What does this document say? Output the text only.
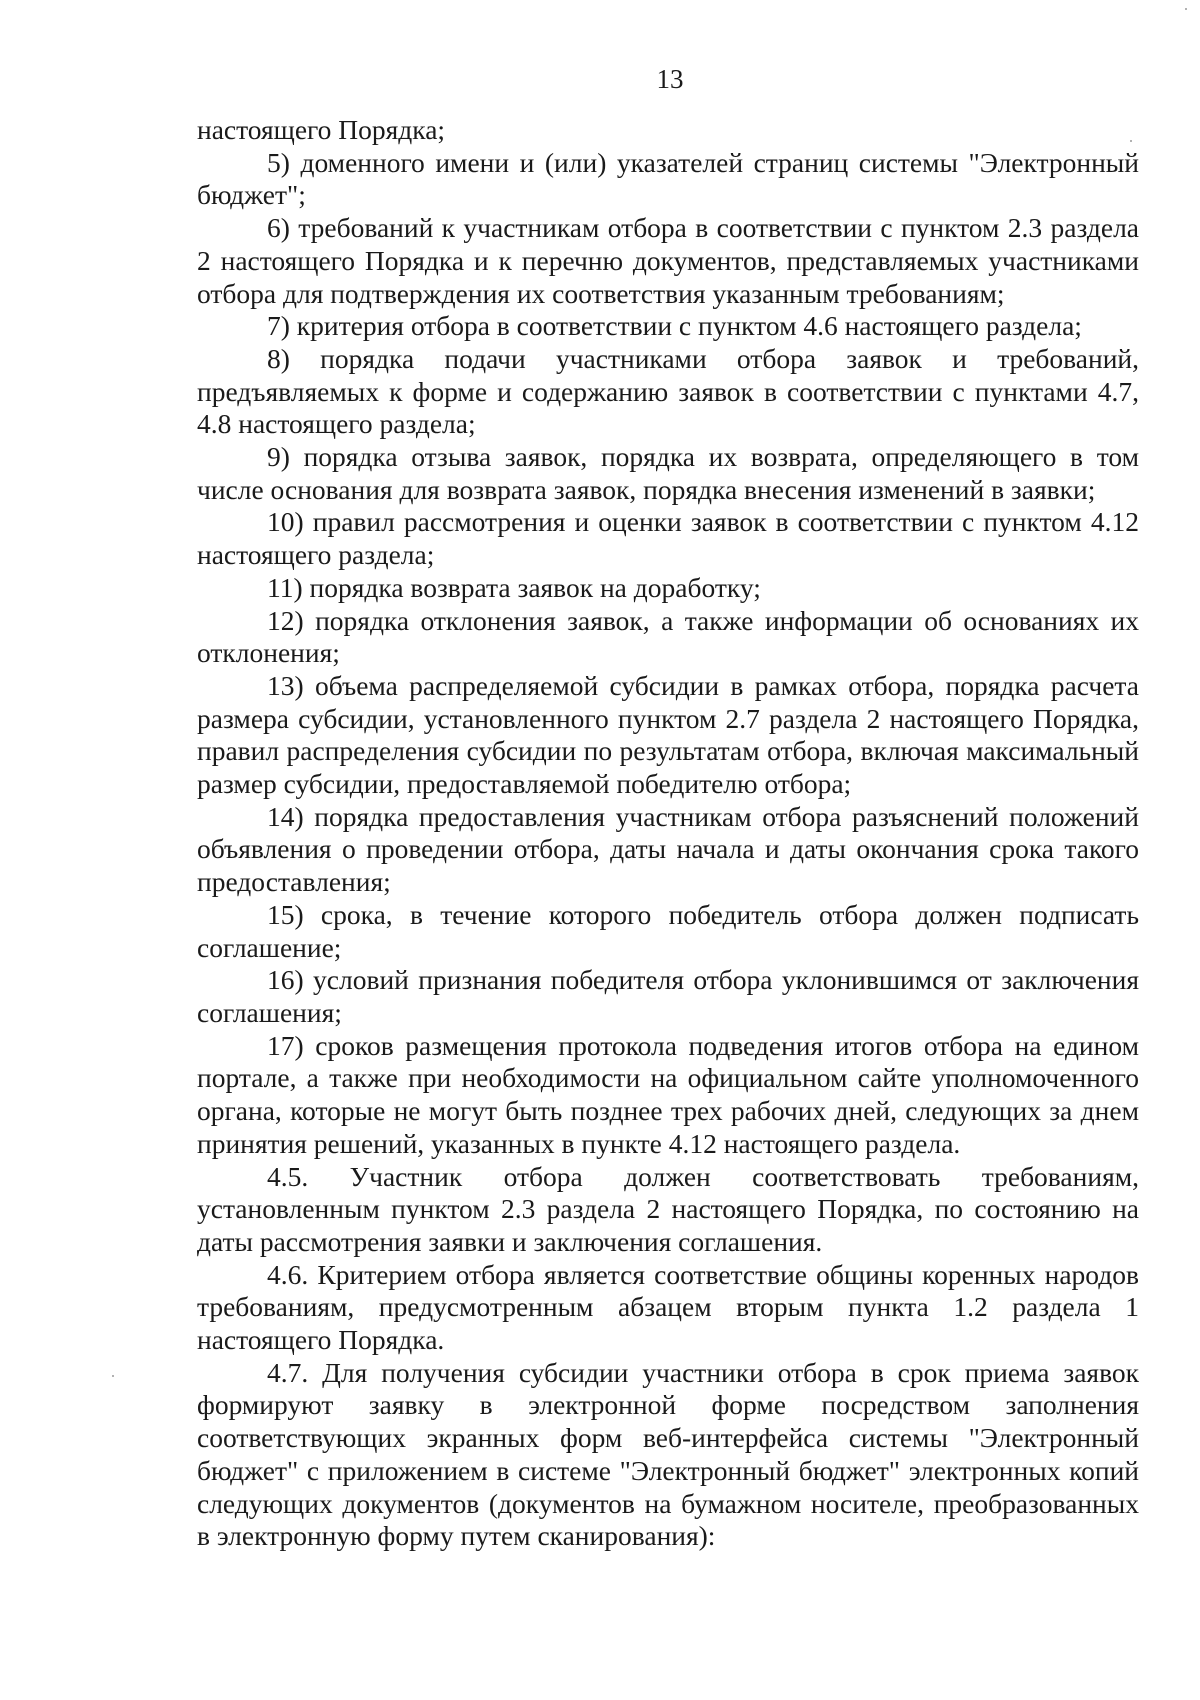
13

настоящего Порядка;

5) доменного имени и (или) указателей страниц системы "Электронный бюджет";

6) требований к участникам отбора в соответствии с пунктом 2.3 раздела 2 настоящего Порядка и к перечню документов, представляемых участниками отбора для подтверждения их соответствия указанным требованиям;

7) критерия отбора в соответствии с пунктом 4.6 настоящего раздела;

8) порядка подачи участниками отбора заявок и требований, предъявляемых к форме и содержанию заявок в соответствии с пунктами 4.7, 4.8 настоящего раздела;

9) порядка отзыва заявок, порядка их возврата, определяющего в том числе основания для возврата заявок, порядка внесения изменений в заявки;

10) правил рассмотрения и оценки заявок в соответствии с пунктом 4.12 настоящего раздела;

11) порядка возврата заявок на доработку;

12) порядка отклонения заявок, а также информации об основаниях их отклонения;

13) объема распределяемой субсидии в рамках отбора, порядка расчета размера субсидии, установленного пунктом 2.7 раздела 2 настоящего Порядка, правил распределения субсидии по результатам отбора, включая максимальный размер субсидии, предоставляемой победителю отбора;

14) порядка предоставления участникам отбора разъяснений положений объявления о проведении отбора, даты начала и даты окончания срока такого предоставления;

15) срока, в течение которого победитель отбора должен подписать соглашение;

16) условий признания победителя отбора уклонившимся от заключения соглашения;

17) сроков размещения протокола подведения итогов отбора на едином портале, а также при необходимости на официальном сайте уполномоченного органа, которые не могут быть позднее трех рабочих дней, следующих за днем принятия решений, указанных в пункте 4.12 настоящего раздела.

4.5. Участник отбора должен соответствовать требованиям, установленным пунктом 2.3 раздела 2 настоящего Порядка, по состоянию на даты рассмотрения заявки и заключения соглашения.

4.6. Критерием отбора является соответствие общины коренных народов требованиям, предусмотренным абзацем вторым пункта 1.2 раздела 1 настоящего Порядка.

4.7. Для получения субсидии участники отбора в срок приема заявок формируют заявку в электронной форме посредством заполнения соответствующих экранных форм веб-интерфейса системы "Электронный бюджет" с приложением в системе "Электронный бюджет" электронных копий следующих документов (документов на бумажном носителе, преобразованных в электронную форму путем сканирования):
